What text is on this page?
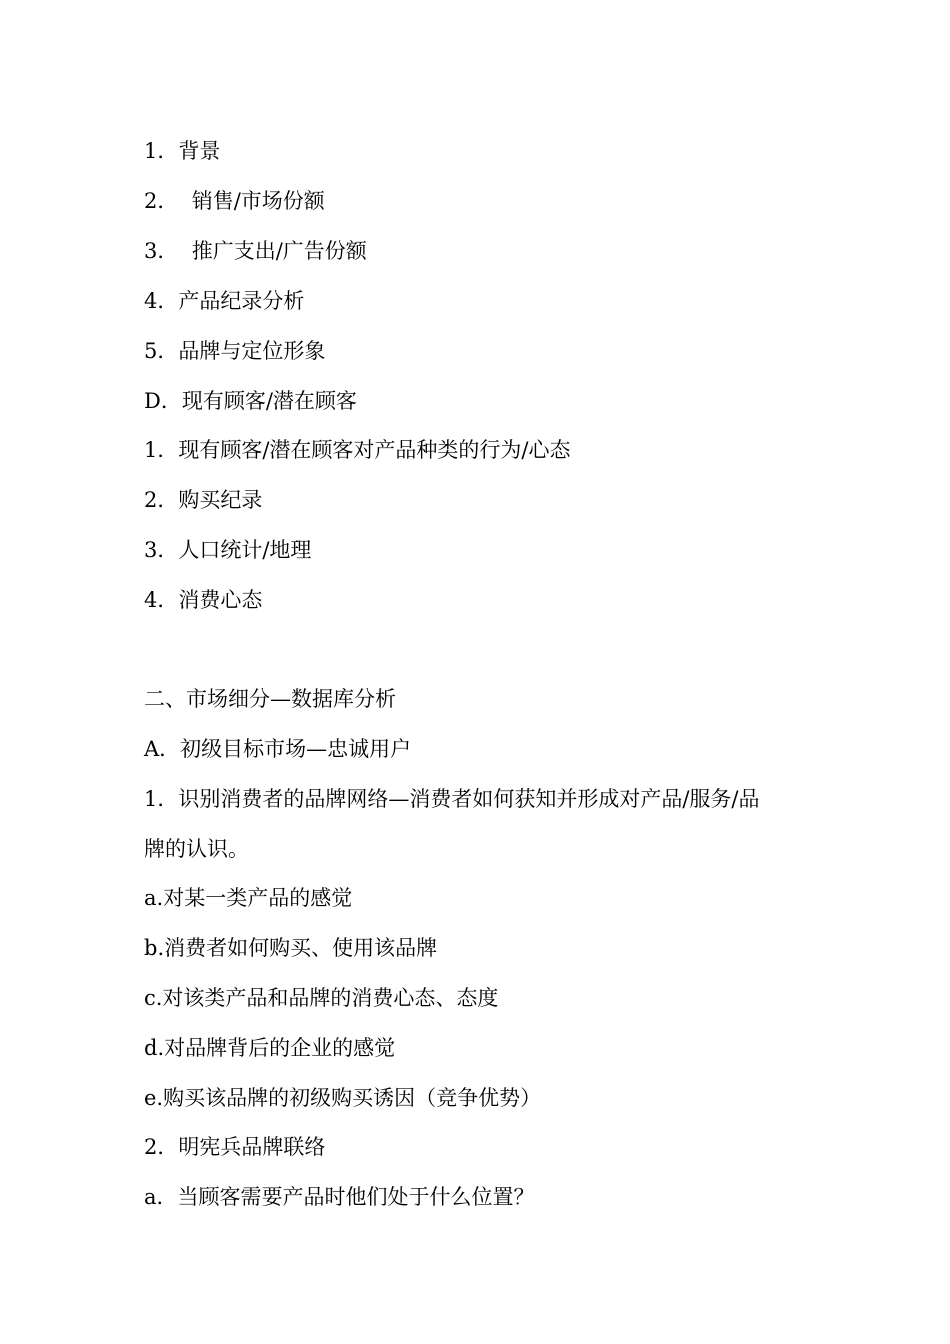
1．背景
2．  销售/市场份额
3．  推广支出/广告份额
4．产品纪录分析
5．品牌与定位形象
D．现有顾客/潜在顾客
1．现有顾客/潜在顾客对产品种类的行为/心态
2．购买纪录
3．人口统计/地理
4．消费心态
二、市场细分—数据库分析
A．初级目标市场—忠诚用户
1．识别消费者的品牌网络—消费者如何获知并形成对产品/服务/品
牌的认识。
a.对某一类产品的感觉
b.消费者如何购买、使用该品牌
c.对该类产品和品牌的消费心态、态度
d.对品牌背后的企业的感觉
e.购买该品牌的初级购买诱因（竞争优势）
2．明宪兵品牌联络
a．当顾客需要产品时他们处于什么位置？
